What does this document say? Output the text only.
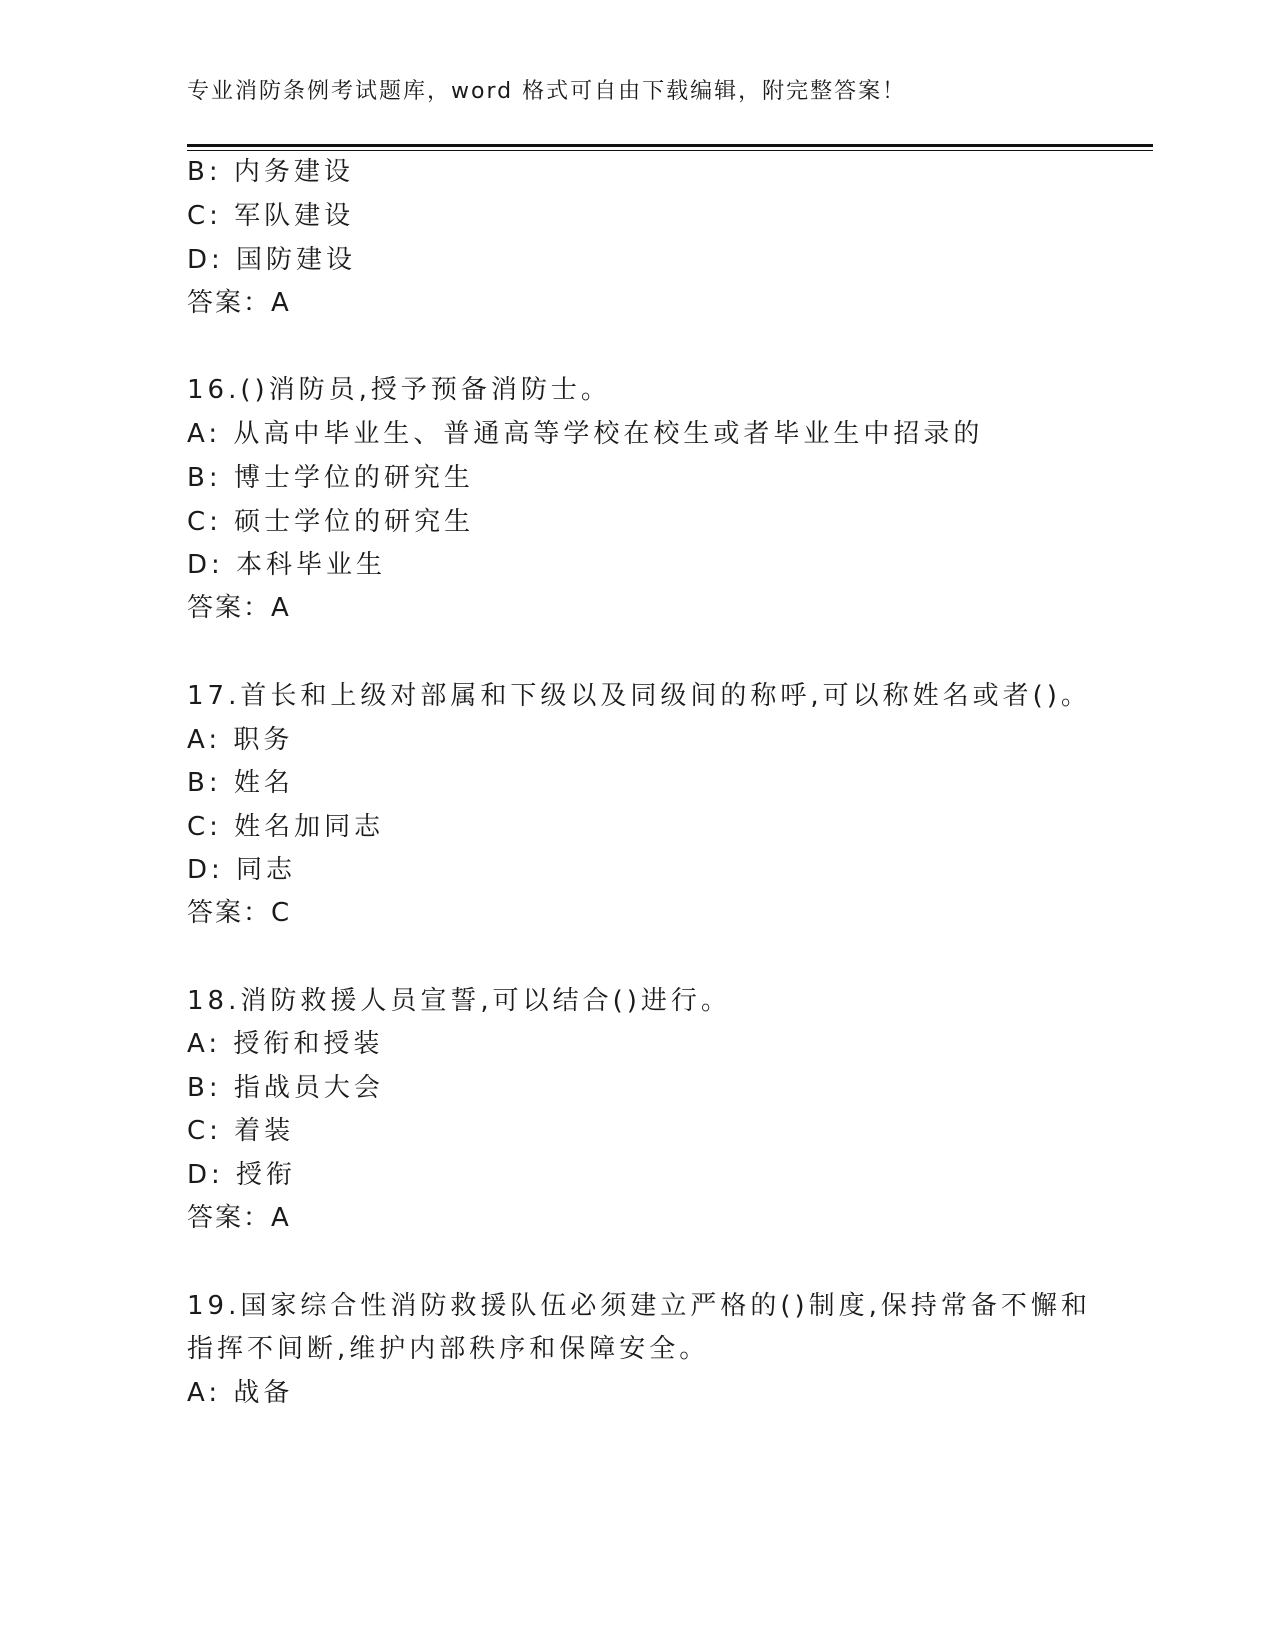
专业消防条例考试题库，word 格式可自由下载编辑，附完整答案！
B: 内务建设
C: 军队建设
D: 国防建设
答案：A
16.()消防员,授予预备消防士。
A: 从高中毕业生、普通高等学校在校生或者毕业生中招录的
B: 博士学位的研究生
C: 硕士学位的研究生
D: 本科毕业生
答案：A
17.首长和上级对部属和下级以及同级间的称呼,可以称姓名或者()。
A: 职务
B: 姓名
C: 姓名加同志
D: 同志
答案：C
18.消防救援人员宣誓,可以结合()进行。
A: 授衔和授装
B: 指战员大会
C: 着装
D: 授衔
答案：A
19.国家综合性消防救援队伍必须建立严格的()制度,保持常备不懈和
指挥不间断,维护内部秩序和保障安全。
A: 战备
